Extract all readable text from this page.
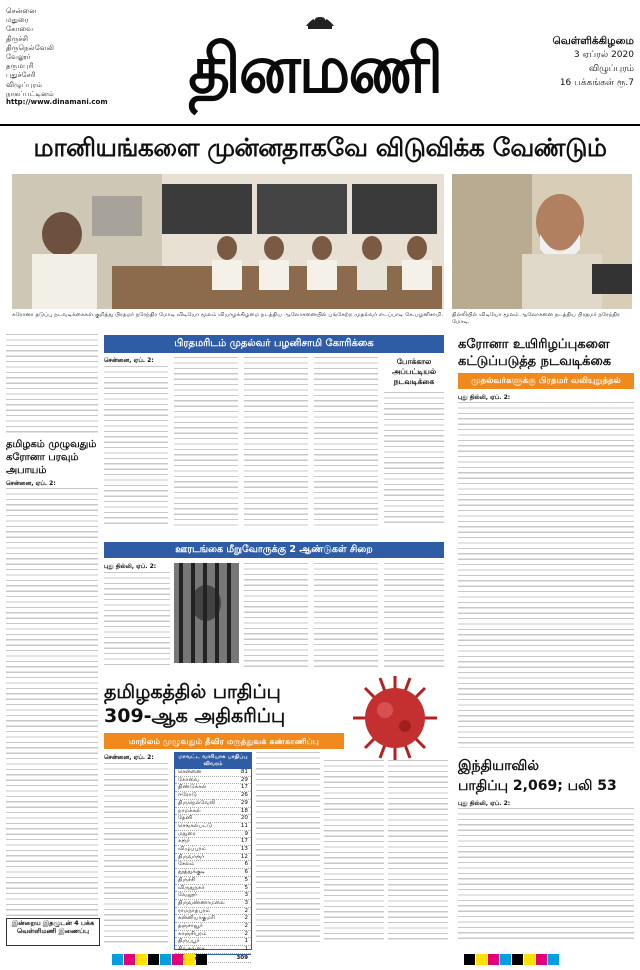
சென்னை
மதுரை
கோவை
திருச்சி
திருநெல்வேலி
வேலூர்
தருமபுரி
புதுச்சேரி
விழுப்புரம்
நாகப்பட்டினம்
http://www.dinamani.com தினமணி	வெள்ளிக்கிழமை
3 ஏப்ரல் 2020
விழுப்புரம்
16 பக்கங்கள் ரூ.7
மானியங்களை முன்னதாகவே விடுவிக்க வேண்டும்
கரோனா தடுப்பு நடவடிக்கைகள் குறித்து பிரதமர் நரேந்திர மோடி விடியோ மூலம் வியாழக்கிழமை நடத்திய ஆலோசனையில் பங்கேற்ற முதல்வர் எடப்பாடி கே.பழனிசாமி. தில்லியில் விடியோ மூலம் ஆலோசனை நடத்திய பிரதமர் நரேந்திர மோடி.
பிரதமரிடம் முதல்வர் பழனிசாமி கோரிக்கை
தமிழகம் முழுவதும் கரோனா பரவும் அபாயம்
சென்னை, ஏப். 2:
இன்றைய இதழுடன் 4 பக்க வெள்ளிமணி இணைப்பு
சென்னை, ஏப். 2:	போக்கால அப்பட்டியல் நடவடிக்கை
கரோனா உயிரிழப்புகளை கட்டுப்படுத்த நடவடிக்கை
முதல்வர்களுக்கு பிரதமர் வலியுறுத்தல்
புது தில்லி, ஏப். 2:
ஊரடங்கை மீறுவோருக்கு 2 ஆண்டுகள் சிறை
புது தில்லி, ஏப். 2:
தமிழகத்தில் பாதிப்பு
309-ஆக அதிகரிப்பு
மாநிலம் முழுவதும் தீவிர மருத்துவக் கண்காணிப்பு
சென்னை, ஏப். 2:	மாவட்ட வாரியாக பாதிப்பு விவரம்
சென்னை	81
கோவை	29
திண்டுக்கல்	17
ஈரோடு	26
திருநெல்வேலி	29
நாமக்கல்	18
தேனி	20
செங்கல்பட்டு	11
மதுரை	9
கரூர்	17
விழுப்புரம்	13
திருவாரூர்	12
சேலம்	6
தூத்துக்குடி	6
திருச்சி	5
விருதுநகர்	5
வேலூர்	3
திருவண்ணாமலை	3
ராமநாதபுரம்	2
கன்னியாகுமரி	2
தஞ்சாவூர்	2
காஞ்சிபுரம்	2
திருப்பூர்	1
சிவகங்கை	1
309
இந்தியாவில்
பாதிப்பு 2,069; பலி 53
புது தில்லி, ஏப். 2:
